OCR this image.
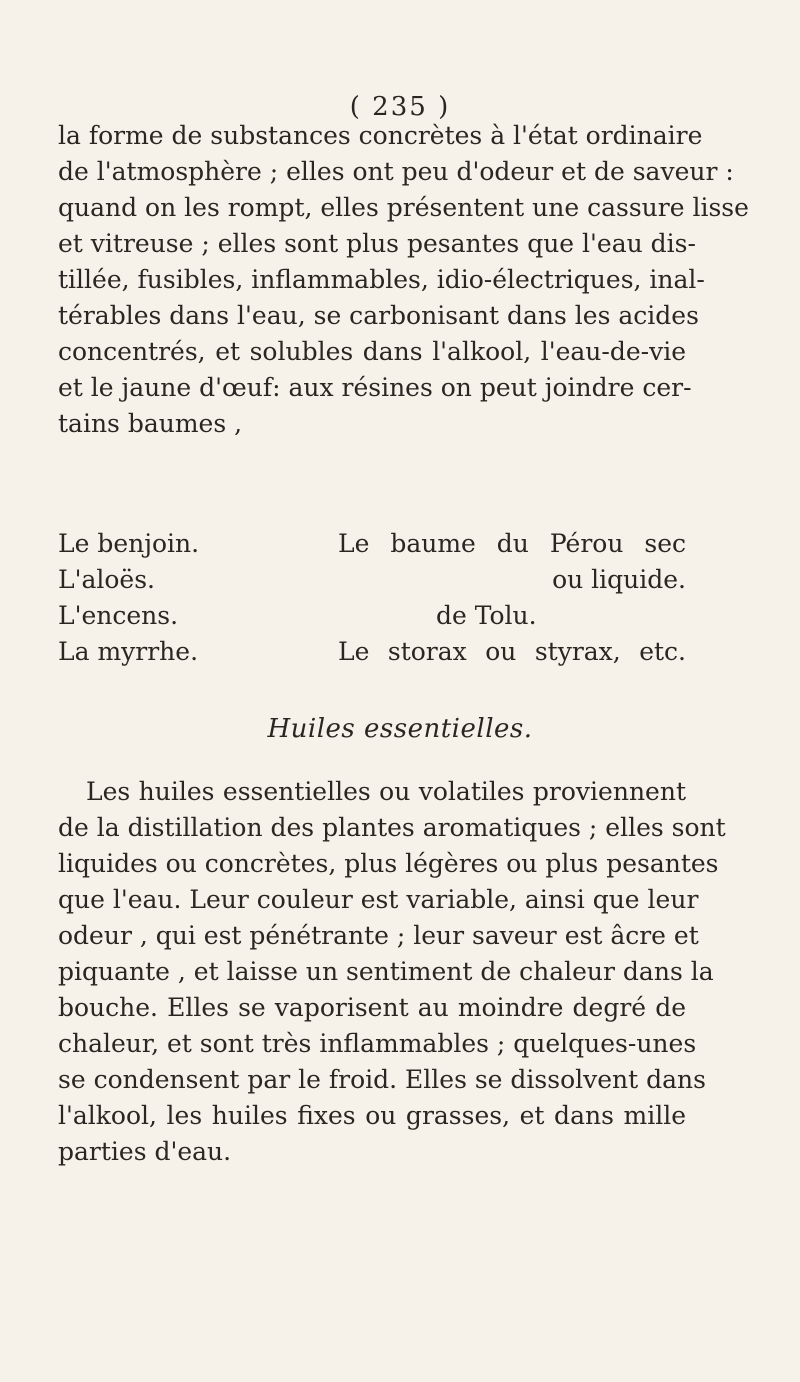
( 235 )
la forme de substances concrètes à l'état ordinaire
de l'atmosphère ; elles ont peu d'odeur et de saveur :
quand on les rompt, elles présentent une cassure lisse
et vitreuse ; elles sont plus pesantes que l'eau dis-
tillée, fusibles, inflammables, idio-électriques, inal-
térables dans l'eau, se carbonisant dans les acides
concentrés, et solubles dans l'alkool, l'eau-de-vie
et le jaune d'œuf: aux résines on peut joindre cer-
tains baumes ,
Le benjoin.
L'aloës.
L'encens.
La myrrhe.
Le baume du Pérou sec
ou liquide.
de Tolu.
Le storax ou styrax, etc.
Huiles essentielles.
Les huiles essentielles ou volatiles proviennent
de la distillation des plantes aromatiques ; elles sont
liquides ou concrètes, plus légères ou plus pesantes
que l'eau. Leur couleur est variable, ainsi que leur
odeur , qui est pénétrante ; leur saveur est âcre et
piquante , et laisse un sentiment de chaleur dans la
bouche. Elles se vaporisent au moindre degré de
chaleur, et sont très inflammables ; quelques-unes
se condensent par le froid. Elles se dissolvent dans
l'alkool, les huiles fixes ou grasses, et dans mille
parties d'eau.
